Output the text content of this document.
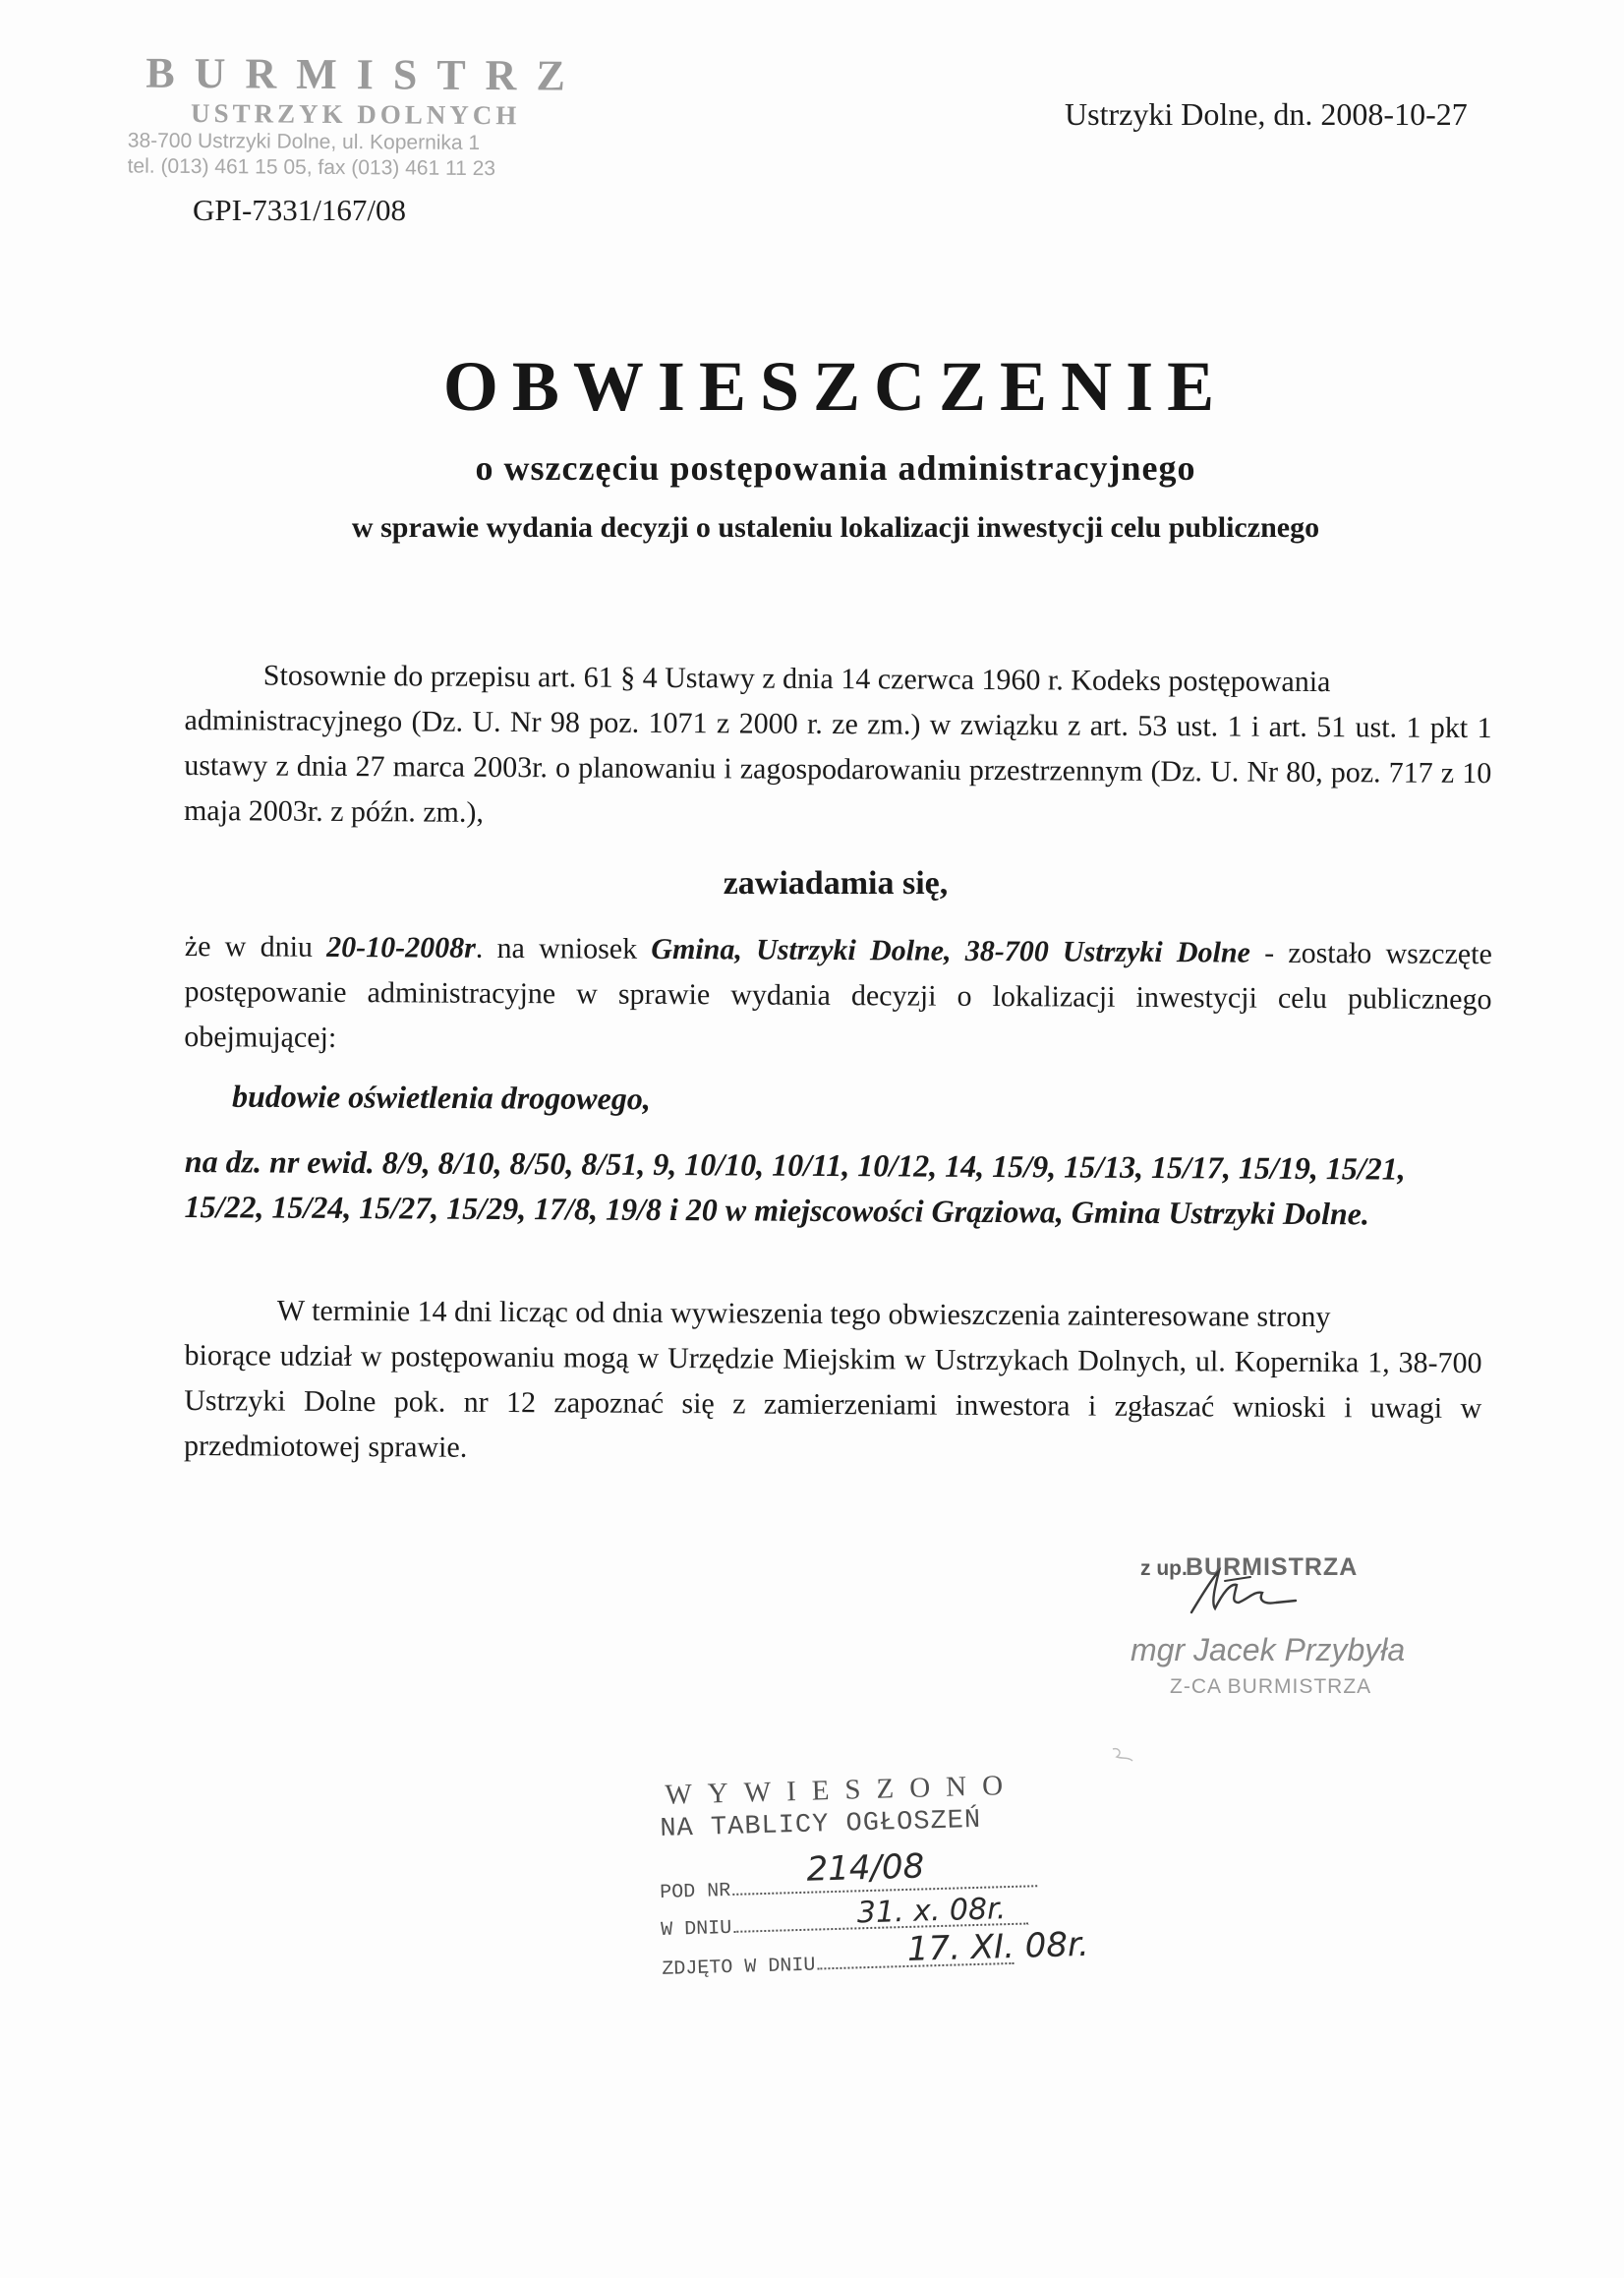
BURMISTRZ
USTRZYK DOLNYCH
38-700 Ustrzyki Dolne, ul. Kopernika 1
tel. (013) 461 15 05, fax (013) 461 11 23
Ustrzyki Dolne, dn. 2008-10-27
GPI-7331/167/08
OBWIESZCZENIE
o wszczęciu postępowania administracyjnego
w sprawie wydania decyzji o ustaleniu lokalizacji inwestycji celu publicznego
Stosownie do przepisu art. 61 § 4 Ustawy z dnia 14 czerwca 1960 r. Kodeks postępowania
administracyjnego (Dz. U. Nr 98 poz. 1071 z 2000 r. ze zm.) w związku z art. 53 ust. 1 i art. 51 ust. 1 pkt 1 ustawy z dnia 27 marca 2003r. o planowaniu i zagospodarowaniu przestrzennym (Dz. U. Nr 80, poz. 717 z 10 maja 2003r. z późn. zm.),
zawiadamia się,
że w dniu 20-10-2008r. na wniosek Gmina, Ustrzyki Dolne, 38-700 Ustrzyki Dolne - zostało wszczęte postępowanie administracyjne w sprawie wydania decyzji o lokalizacji inwestycji celu publicznego obejmującej:
budowie oświetlenia drogowego,
na dz. nr ewid. 8/9, 8/10, 8/50, 8/51, 9, 10/10, 10/11, 10/12, 14, 15/9, 15/13, 15/17, 15/19, 15/21, 15/22, 15/24, 15/27, 15/29, 17/8, 19/8 i 20 w miejscowości Grąziowa, Gmina Ustrzyki Dolne.
W terminie 14 dni licząc od dnia wywieszenia tego obwieszczenia zainteresowane strony
biorące udział w postępowaniu mogą w Urzędzie Miejskim w Ustrzykach Dolnych, ul. Kopernika 1, 38-700 Ustrzyki Dolne pok. nr 12 zapoznać się z zamierzeniami inwestora i zgłaszać wnioski i uwagi w przedmiotowej sprawie.
z up.
BURMISTRZA
mgr Jacek Przybyła
Z-CA BURMISTRZA
WYWIESZONO
NA TABLICY OGŁOSZEŃ
POD NR
W DNIU
ZDJĘTO W DNIU
214/08
31. x. 08r.
17. XI. 08r.
